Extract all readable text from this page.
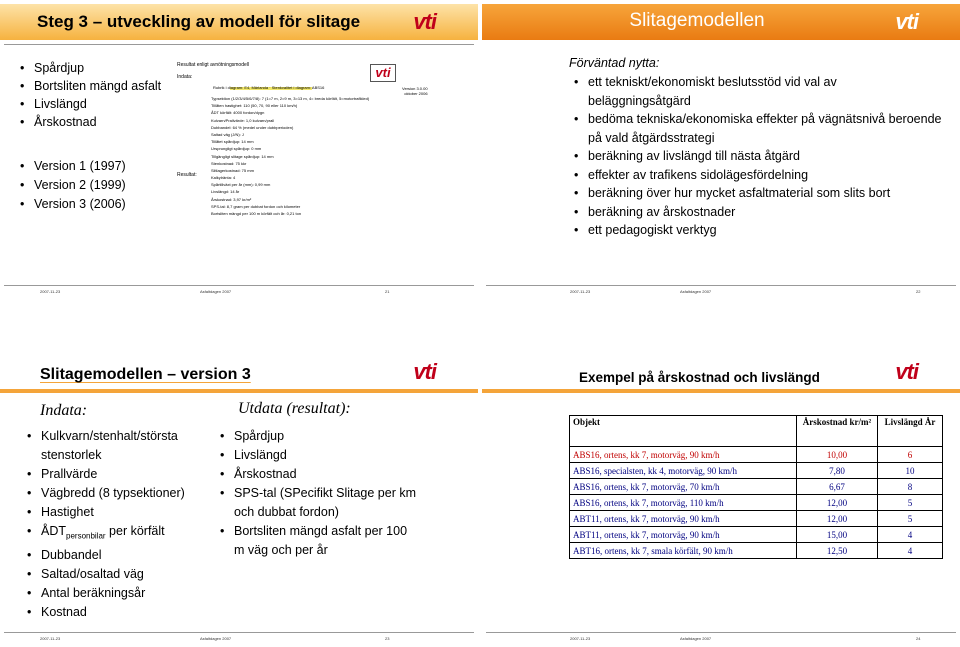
Steg 3 – utveckling av modell för slitage vti
• Spårdjup
• Bortsliten mängd asfalt
• Livslängd
• Årskostnad
• Version 1 (1997)
• Version 2 (1999)
• Version 3 (2006)
Resultat enligt avnötningsmodell
Indata:
Resultat:
Rubrik i diagram: E4, Märlanda · Stenkvalitet i diagram: ABS16
Typsektion (1/2/3/4/5/6/7/8): 7 (1=7 m, 2=9 m, 3=13 m, 4= breda körfält, 5=motortrafikled)
Tillåten hastighet: 110 (50, 70, 90 eller 110 km/h)
ÅDT körfält: 4000 fordon/dygn
Kulvarn/Prallvärde: 1,0 kulvarn/prall
Dubbandel: 64 % (medel under dubbperioden)
Saltad väg (J/N): J
Tillåtet spårdjup: 14 mm
Ursprungligt spårdjup: 0 mm
Tillgängligt slitage spårdjup: 14 mm
Stenkostnad: 75 kkr
Slitlagerkostnad: 75 mm
Kalkylränta: 4
Spårtillväxt per år (mm): 0,99 mm
Livslängd: 14 år
Årskostnad: 3,97 kr/m²
SPS-tal: 8,7 gram per dubbat fordon och kilometer
Bortsliten mängd per 100 m körfält och år: 0,21 ton
vti
Version 3.0.00
oktober 2006
2007-11-23	Asfaltdagen 2007	21
Slitagemodellen	vti
Förväntad nytta:
• ett tekniskt/ekonomiskt beslutsstöd vid val av beläggningsåtgärd
• bedöma tekniska/ekonomiska effekter på vägnätsnivå beroende på vald åtgärdsstrategi
• beräkning av livslängd till nästa åtgärd
• effekter av trafikens sidolägesfördelning
• beräkning över hur mycket asfaltmaterial som slits bort
• beräkning av årskostnader
• ett pedagogiskt verktyg
2007-11-23	Asfaltdagen 2007	22
Slitagemodellen – version 3	vti
Indata:	Utdata (resultat):
• Kulkvarn/stenhalt/största stenstorlek
• Prallvärde
• Vägbredd (8 typsektioner)
• Hastighet
• $ÅDT_{personbilar}$ per körfält
• Dubbandel
• Saltad/osaltad väg
• Antal beräkningsår
• Kostnad
• Spårdjup
• Livslängd
• Årskostnad
• SPS-tal (SPecifikt Slitage per km och dubbat fordon)
• Bortsliten mängd asfalt per 100 m väg och per år
2007-11-23	Asfaltdagen 2007	23
Exempel på årskostnad och livslängd	vti
Objekt	Årskostnad kr/m²	Livslängd År
ABS16, ortens, kk 7, motorväg, 90 km/h	10,00	6
ABS16, specialsten, kk 4, motorväg, 90 km/h	7,80	10
ABS16, ortens, kk 7, motorväg, 70 km/h	6,67	8
ABS16, ortens, kk 7, motorväg, 110 km/h	12,00	5
ABT11, ortens, kk 7, motorväg, 90 km/h	12,00	5
ABT11, ortens, kk 7, motorväg, 90 km/h	15,00	4
ABT16, ortens, kk 7, smala körfält, 90 km/h	12,50	4
2007-11-23	Asfaltdagen 2007	24
